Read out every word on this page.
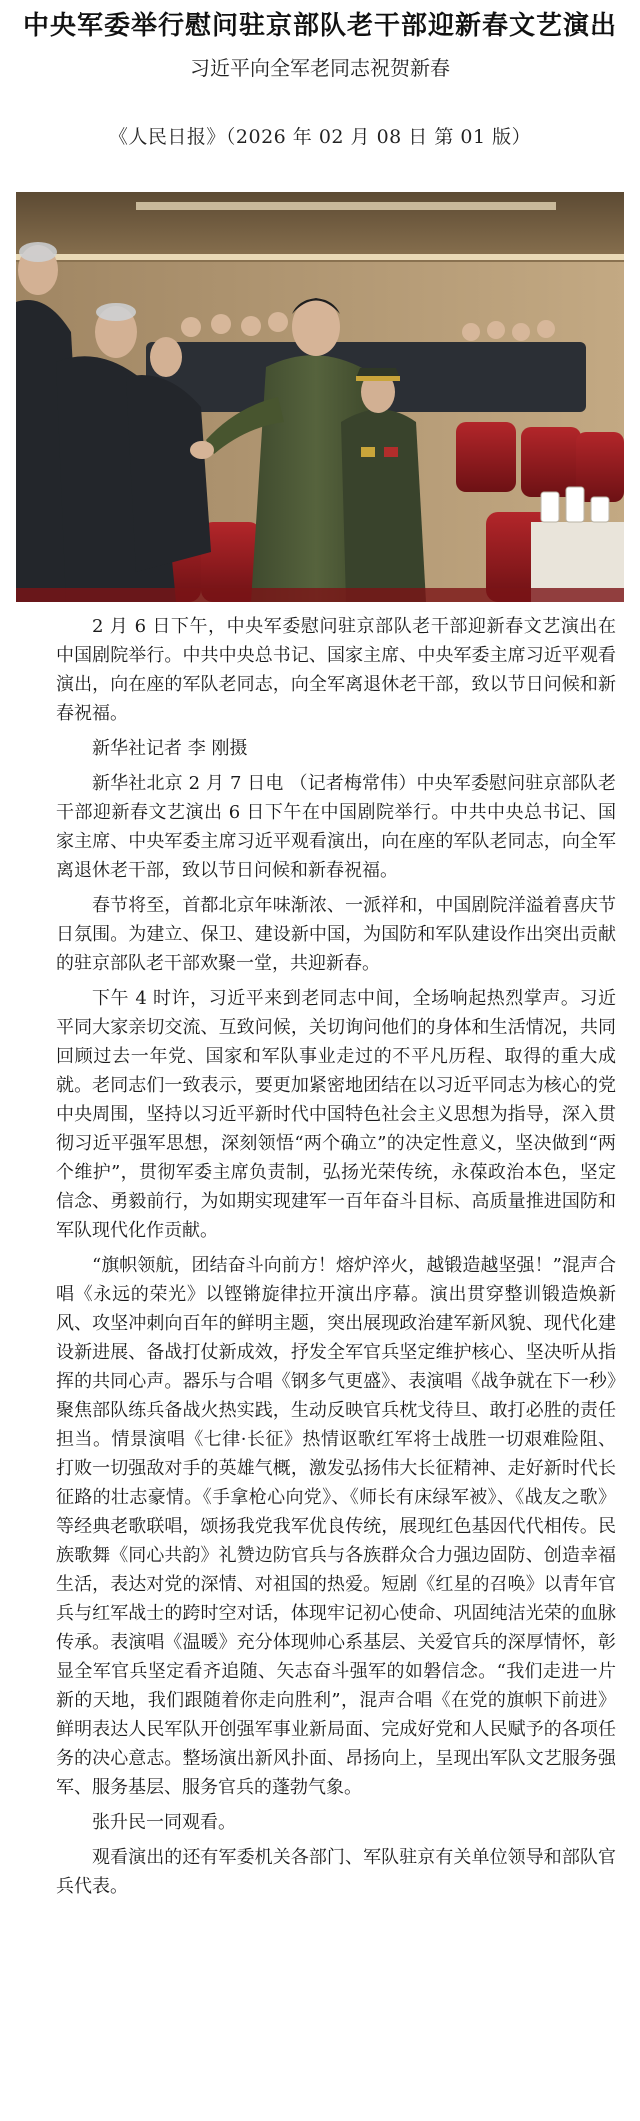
中央军委举行慰问驻京部队老干部迎新春文艺演出
习近平向全军老同志祝贺新春
《人民日报》（2026 年 02 月 08 日 第 01 版）

2 月 6 日下午，中央军委慰问驻京部队老干部迎新春文艺演出在中国剧院举行。中共中央总书记、国家主席、中央军委主席习近平观看演出，向在座的军队老同志，向全军离退休老干部，致以节日问候和新春祝福。

新华社记者 李 刚摄

新华社北京 2 月 7 日电 （记者梅常伟）中央军委慰问驻京部队老干部迎新春文艺演出 6 日下午在中国剧院举行。中共中央总书记、国家主席、中央军委主席习近平观看演出，向在座的军队老同志，向全军离退休老干部，致以节日问候和新春祝福。

春节将至，首都北京年味渐浓、一派祥和，中国剧院洋溢着喜庆节日氛围。为建立、保卫、建设新中国，为国防和军队建设作出突出贡献的驻京部队老干部欢聚一堂，共迎新春。

下午 4 时许，习近平来到老同志中间，全场响起热烈掌声。习近平同大家亲切交流、互致问候，关切询问他们的身体和生活情况，共同回顾过去一年党、国家和军队事业走过的不平凡历程、取得的重大成就。老同志们一致表示，要更加紧密地团结在以习近平同志为核心的党中央周围，坚持以习近平新时代中国特色社会主义思想为指导，深入贯彻习近平强军思想，深刻领悟“两个确立”的决定性意义，坚决做到“两个维护”，贯彻军委主席负责制，弘扬光荣传统，永葆政治本色，坚定信念、勇毅前行，为如期实现建军一百年奋斗目标、高质量推进国防和军队现代化作贡献。

“旗帜领航，团结奋斗向前方！熔炉淬火，越锻造越坚强！”混声合唱《永远的荣光》以铿锵旋律拉开演出序幕。演出贯穿整训锻造焕新风、攻坚冲刺向百年的鲜明主题，突出展现政治建军新风貌、现代化建设新进展、备战打仗新成效，抒发全军官兵坚定维护核心、坚决听从指挥的共同心声。器乐与合唱《钢多气更盛》、表演唱《战争就在下一秒》聚焦部队练兵备战火热实践，生动反映官兵枕戈待旦、敢打必胜的责任担当。情景演唱《七律·长征》热情讴歌红军将士战胜一切艰难险阻、打败一切强敌对手的英雄气概，激发弘扬伟大长征精神、走好新时代长征路的壮志豪情。《手拿枪心向党》、《师长有床绿军被》、《战友之歌》等经典老歌联唱，颂扬我党我军优良传统，展现红色基因代代相传。民族歌舞《同心共韵》礼赞边防官兵与各族群众合力强边固防、创造幸福生活，表达对党的深情、对祖国的热爱。短剧《红星的召唤》以青年官兵与红军战士的跨时空对话，体现牢记初心使命、巩固纯洁光荣的血脉传承。表演唱《温暖》充分体现帅心系基层、关爱官兵的深厚情怀，彰显全军官兵坚定看齐追随、矢志奋斗强军的如磐信念。“我们走进一片新的天地，我们跟随着你走向胜利”，混声合唱《在党的旗帜下前进》鲜明表达人民军队开创强军事业新局面、完成好党和人民赋予的各项任务的决心意志。整场演出新风扑面、昂扬向上，呈现出军队文艺服务强军、服务基层、服务官兵的蓬勃气象。

张升民一同观看。

观看演出的还有军委机关各部门、军队驻京有关单位领导和部队官兵代表。
